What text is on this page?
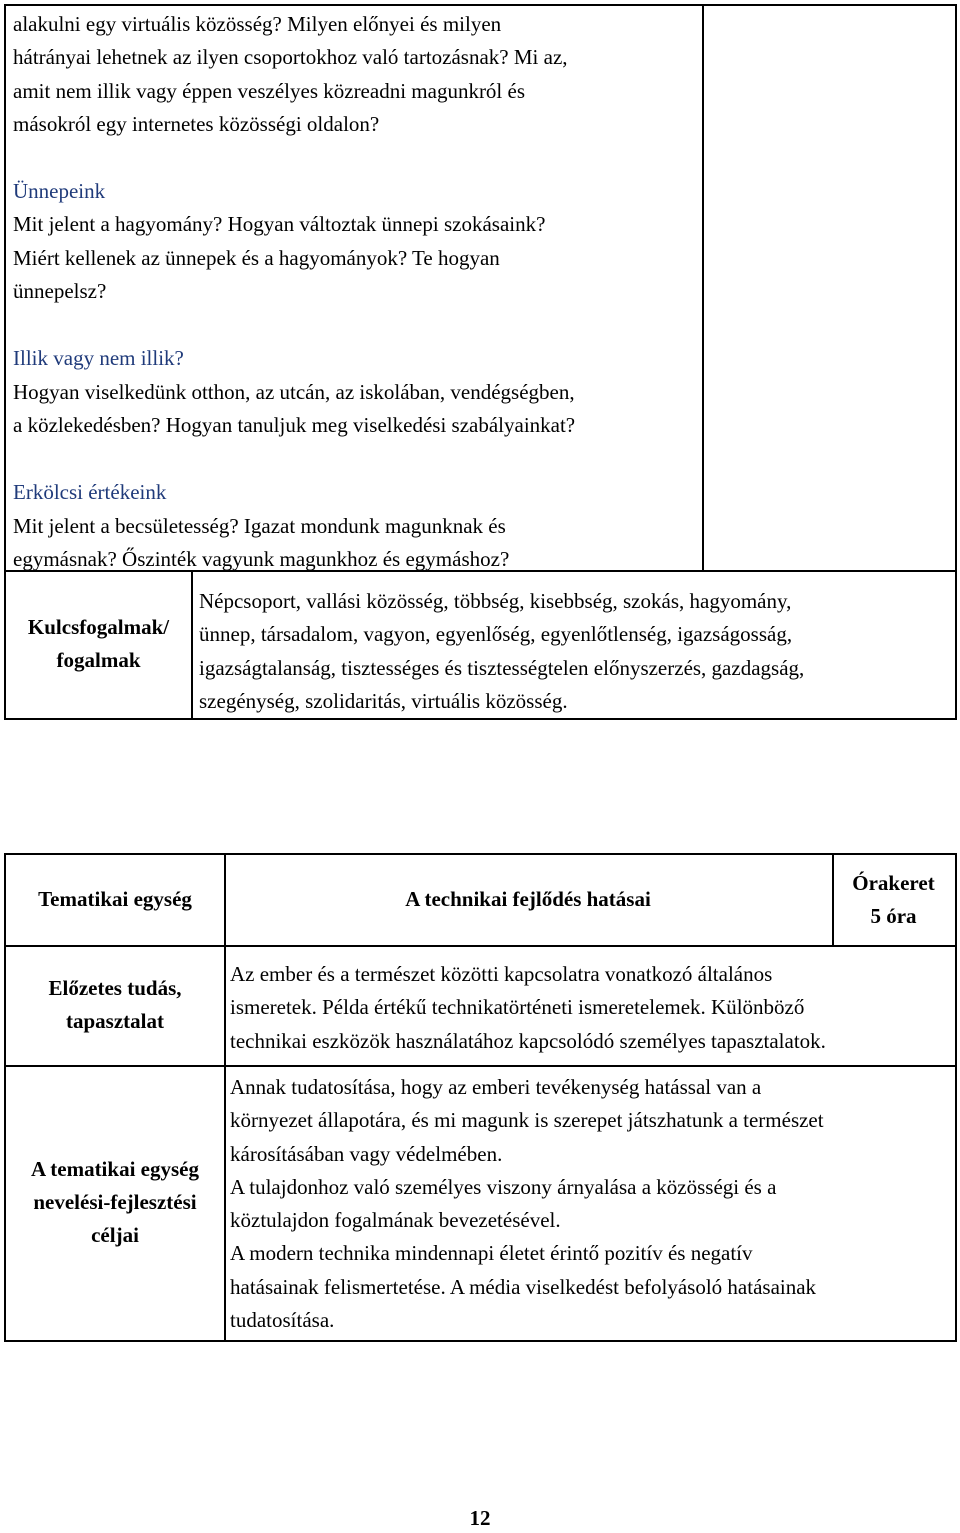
alakulni egy virtuális közösség? Milyen előnyei és milyen
hátrányai lehetnek az ilyen csoportokhoz való tartozásnak? Mi az,
amit nem illik vagy éppen veszélyes közreadni magunkról és
másokról egy internetes közösségi oldalon?
Ünnepeink
Mit jelent a hagyomány? Hogyan változtak ünnepi szokásaink?
Miért kellenek az ünnepek és a hagyományok? Te hogyan
ünnepelsz?
Illik vagy nem illik?
Hogyan viselkedünk otthon, az utcán, az iskolában, vendégségben,
a közlekedésben? Hogyan tanuljuk meg viselkedési szabályainkat?
Erkölcsi értékeink
Mit jelent a becsületesség? Igazat mondunk magunknak és
egymásnak? Őszinték vagyunk magunkhoz és egymáshoz?
Kulcsfogalmak/
fogalmak
Népcsoport, vallási közösség, többség, kisebbség, szokás, hagyomány,
ünnep, társadalom, vagyon, egyenlőség, egyenlőtlenség, igazságosság,
igazságtalanság, tisztességes és tisztességtelen előnyszerzés, gazdagság,
szegénység, szolidaritás, virtuális közösség.
Tematikai egység	A technikai fejlődés hatásai
Órakeret
5 óra
Előzetes tudás,
tapasztalat
Az ember és a természet közötti kapcsolatra vonatkozó általános
ismeretek. Példa értékű technikatörténeti ismeretelemek. Különböző
technikai eszközök használatához kapcsolódó személyes tapasztalatok.
A tematikai egység
nevelési-fejlesztési
céljai
Annak tudatosítása, hogy az emberi tevékenység hatással van a
környezet állapotára, és mi magunk is szerepet játszhatunk a természet
károsításában vagy védelmében.
A tulajdonhoz való személyes viszony árnyalása a közösségi és a
köztulajdon fogalmának bevezetésével.
A modern technika mindennapi életet érintő pozitív és negatív
hatásainak felismertetése. A média viselkedést befolyásoló hatásainak
tudatosítása.
12
